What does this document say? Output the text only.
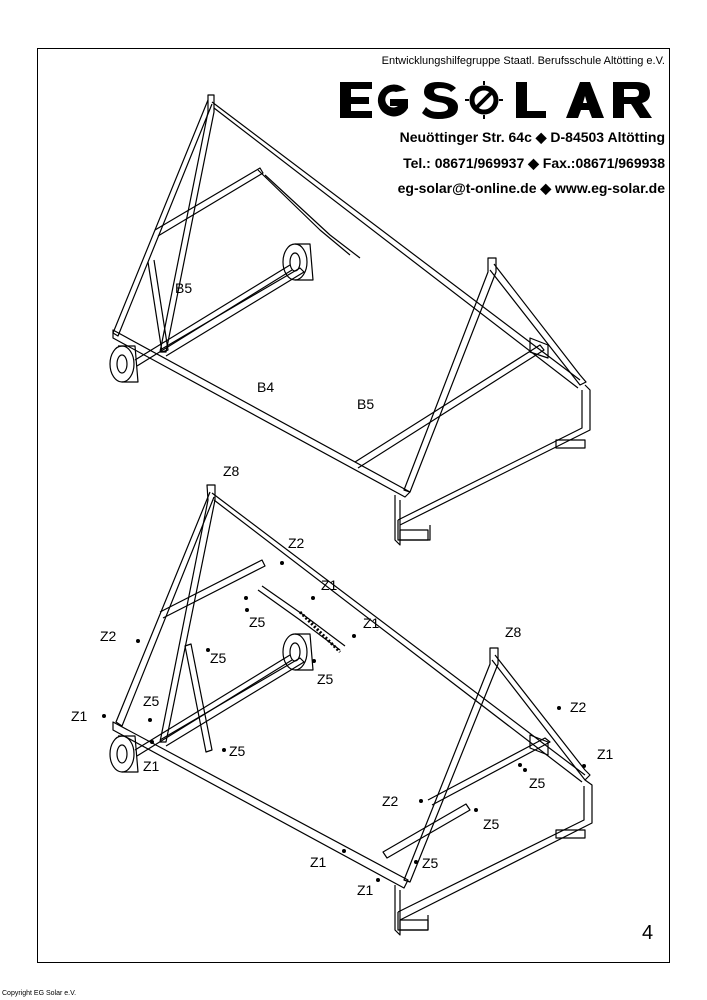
Entwicklungshilfegruppe Staatl. Berufsschule Altötting e.V.
Neuöttinger Str. 64c ◆ D-84503 Altötting
Tel.: 08671/969937 ◆ Fax.:08671/969938
eg-solar@t-online.de ◆ www.eg-solar.de
B5
B4
B5
Z8
Z2
Z1
Z5	Z1
Z2
Z5
Z5
Z8
Z5
Z1
Z5
Z1
Z2
Z1
Z5
Z2
Z5
Z1	Z5
Z1
4
Copyright EG Solar e.V.
